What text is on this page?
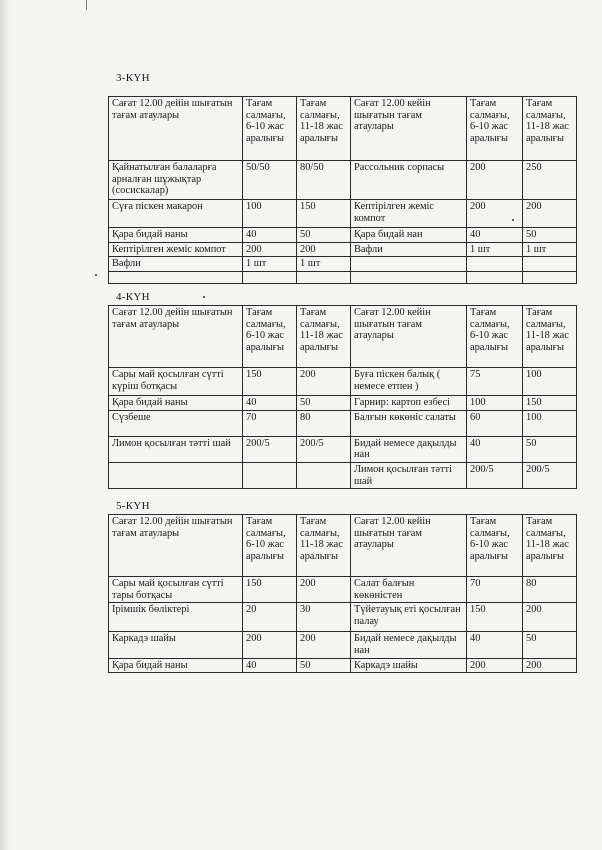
3-КҮН
Сағат 12.00 дейін шығатын тағам атаулары	Тағам салмағы, 6-10 жас аралығы	Тағам салмағы, 11-18 жас аралығы	Сағат 12.00 кейін шығатын тағам атаулары	Тағам салмағы, 6-10 жас аралығы	Тағам салмағы, 11-18 жас аралығы
Қайнатылған балаларға арналған шұжықтар (сосискалар)	50/50	80/50	Рассольник сорпасы	200	250
Сүға піскен макарон	100	150	Кептірілген жеміс компот	200	200
Қара бидай наны	40	50	Қара бидай нан	40	50
Кептірілген жеміс компот	200	200	Вафли	1 шт	1 шт
Вафли	1 шт	1 шт			

4-КҮН
Сағат 12.00 дейін шығатын тағам атаулары	Тағам салмағы, 6-10 жас аралығы	Тағам салмағы, 11-18 жас аралығы	Сағат 12.00 кейін шығатын тағам атаулары	Тағам салмағы, 6-10 жас аралығы	Тағам салмағы, 11-18 жас аралығы
Сары май қосылған сүтті күріш ботқасы	150	200	Буға піскен балық ( немесе етпен )	75	100
Қара бидай наны	40	50	Гарнир: картоп езбесі	100	150
Сүзбеше	70	80	Балғын көкөніс салаты	60	100
Лимон қосылған тәтті шай	200/5	200/5	Бидай немесе дақылды нан	40	50
			Лимон қосылған тәтті шай	200/5	200/5
5-КҮН
Сағат 12.00 дейін шығатын тағам атаулары	Тағам салмағы, 6-10 жас аралығы	Тағам салмағы, 11-18 жас аралығы	Сағат 12.00 кейін шығатын тағам атаулары	Тағам салмағы, 6-10 жас аралығы	Тағам салмағы, 11-18 жас аралығы
Сары май қосылған сүтті тары ботқасы	150	200	Салат балғын көкөністен	70	80
Ірімшік бөліктері	20	30	Түйетауық еті қосылған палау	150	200
Каркадэ шайы	200	200	Бидай немесе дақылды нан	40	50
Қара бидай наны	40	50	Каркадэ шайы	200	200
